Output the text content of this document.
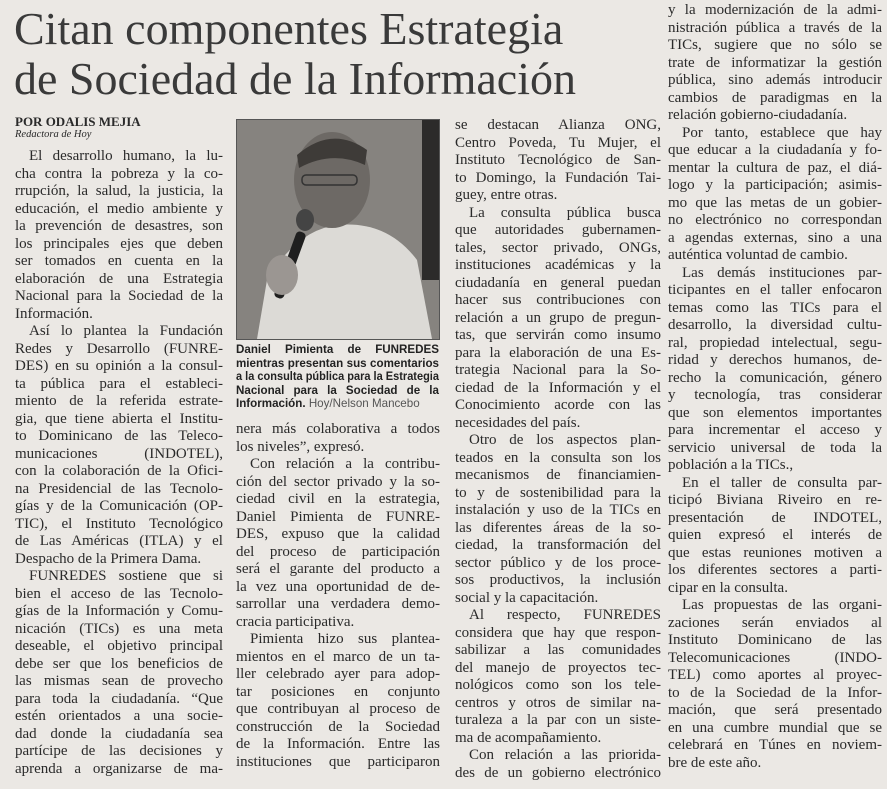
Citan componentes Estrategia
de Sociedad de la Información
POR ODALIS MEJIA
Redactora de Hoy
Daniel Pimienta de FUNREDES
mientras presentan sus comentarios
a la consulta pública para la Estrategia
Nacional para la Sociedad de la
Información. Hoy/Nelson Mancebo
El desarrollo humano, la lu-
cha contra la pobreza y la co-
rrupción, la salud, la justicia, la
educación, el medio ambiente y
la prevención de desastres, son
los principales ejes que deben
ser tomados en cuenta en la
elaboración de una Estrategia
Nacional para la Sociedad de la
Información.
Así lo plantea la Fundación
Redes y Desarrollo (FUNRE-
DES) en su opinión a la consul-
ta pública para el estableci-
miento de la referida estrate-
gia, que tiene abierta el Institu-
to Dominicano de las Teleco-
municaciones (INDOTEL),
con la colaboración de la Ofici-
na Presidencial de las Tecnolo-
gías y de la Comunicación (OP-
TIC), el Instituto Tecnológico
de Las Américas (ITLA) y el
Despacho de la Primera Dama.
FUNREDES sostiene que si
bien el acceso de las Tecnolo-
gías de la Información y Comu-
nicación (TICs) es una meta
deseable, el objetivo principal
debe ser que los beneficios de
las mismas sean de provecho
para toda la ciudadanía. “Que
estén orientados a una socie-
dad donde la ciudadanía sea
partícipe de las decisiones y
aprenda a organizarse de ma-
nera más colaborativa a todos
los niveles”, expresó.
Con relación a la contribu-
ción del sector privado y la so-
ciedad civil en la estrategia,
Daniel Pimienta de FUNRE-
DES, expuso que la calidad
del proceso de participación
será el garante del producto a
la vez una oportunidad de de-
sarrollar una verdadera demo-
cracia participativa.
Pimienta hizo sus plantea-
mientos en el marco de un ta-
ller celebrado ayer para adop-
tar posiciones en conjunto
que contribuyan al proceso de
construcción de la Sociedad
de la Información. Entre las
instituciones que participaron
se destacan Alianza ONG,
Centro Poveda, Tu Mujer, el
Instituto Tecnológico de San-
to Domingo, la Fundación Tai-
guey, entre otras.
La consulta pública busca
que autoridades gubernamen-
tales, sector privado, ONGs,
instituciones académicas y la
ciudadanía en general puedan
hacer sus contribuciones con
relación a un grupo de pregun-
tas, que servirán como insumo
para la elaboración de una Es-
trategia Nacional para la So-
ciedad de la Información y el
Conocimiento acorde con las
necesidades del país.
Otro de los aspectos plan-
teados en la consulta son los
mecanismos de financiamien-
to y de sostenibilidad para la
instalación y uso de la TICs en
las diferentes áreas de la so-
ciedad, la transformación del
sector público y de los proce-
sos productivos, la inclusión
social y la capacitación.
Al respecto, FUNREDES
considera que hay que respon-
sabilizar a las comunidades
del manejo de proyectos tec-
nológicos como son los tele-
centros y otros de similar na-
turaleza a la par con un siste-
ma de acompañamiento.
Con relación a las priorida-
des de un gobierno electrónico
y la modernización de la admi-
nistración pública a través de la
TICs, sugiere que no sólo se
trate de informatizar la gestión
pública, sino además introducir
cambios de paradigmas en la
relación gobierno-ciudadanía.
Por tanto, establece que hay
que educar a la ciudadanía y fo-
mentar la cultura de paz, el diá-
logo y la participación; asimis-
mo que las metas de un gobier-
no electrónico no correspondan
a agendas externas, sino a una
auténtica voluntad de cambio.
Las demás instituciones par-
ticipantes en el taller enfocaron
temas como las TICs para el
desarrollo, la diversidad cultu-
ral, propiedad intelectual, segu-
ridad y derechos humanos, de-
recho la comunicación, género
y tecnología, tras considerar
que son elementos importantes
para incrementar el acceso y
servicio universal de toda la
población a la TICs.,
En el taller de consulta par-
ticipó Biviana Riveiro en re-
presentación de INDOTEL,
quien expresó el interés de
que estas reuniones motiven a
los diferentes sectores a parti-
cipar en la consulta.
Las propuestas de las organi-
zaciones serán enviados al
Instituto Dominicano de las
Telecomunicaciones (INDO-
TEL) como aportes al proyec-
to de la Sociedad de la Infor-
mación, que será presentado
en una cumbre mundial que se
celebrará en Túnes en noviem-
bre de este año.
